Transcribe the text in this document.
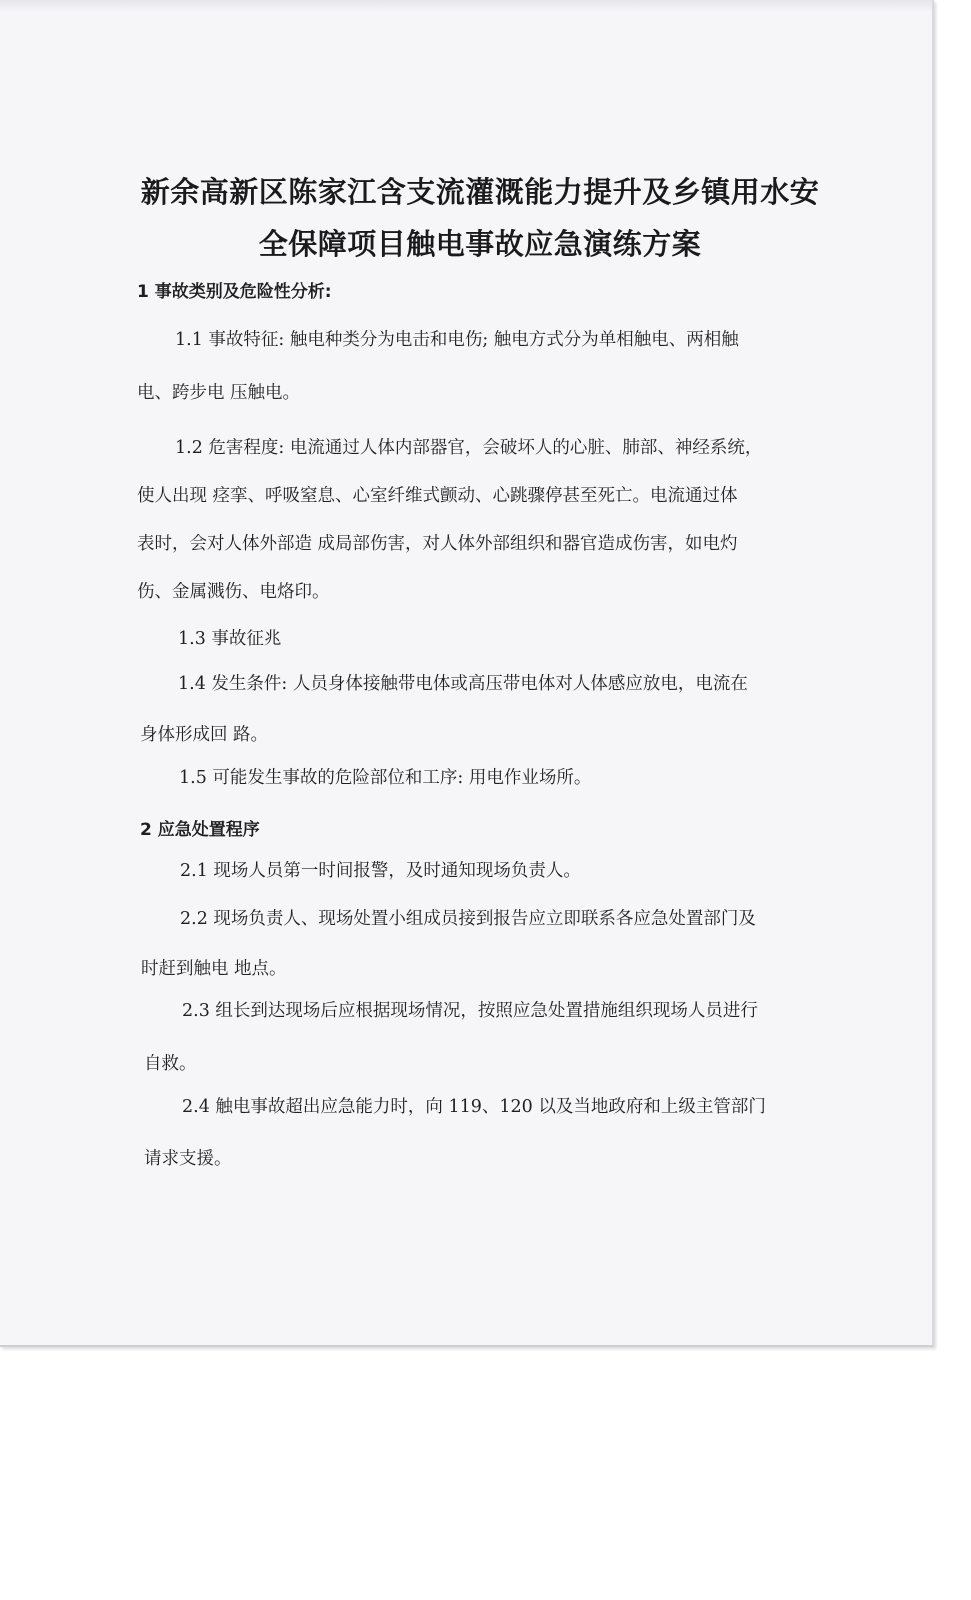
新余高新区陈家江含支流灌溉能力提升及乡镇用水安
全保障项目触电事故应急演练方案

1 事故类别及危险性分析:

1.1 事故特征: 触电种类分为电击和电伤; 触电方式分为单相触电、两相触

电、跨步电 压触电。

1.2 危害程度: 电流通过人体内部器官，会破坏人的心脏、肺部、神经系统，

使人出现 痉挛、呼吸窒息、心室纤维式颤动、心跳骤停甚至死亡。电流通过体

表时，会对人体外部造 成局部伤害，对人体外部组织和器官造成伤害，如电灼

伤、金属溅伤、电烙印。

1.3 事故征兆

1.4 发生条件: 人员身体接触带电体或高压带电体对人体感应放电，电流在

身体形成回 路。

1.5 可能发生事故的危险部位和工序: 用电作业场所。

2 应急处置程序

2.1 现场人员第一时间报警，及时通知现场负责人。

2.2 现场负责人、现场处置小组成员接到报告应立即联系各应急处置部门及

时赶到触电 地点。

2.3 组长到达现场后应根据现场情况，按照应急处置措施组织现场人员进行

自救。

2.4 触电事故超出应急能力时，向 119、120 以及当地政府和上级主管部门

请求支援。
